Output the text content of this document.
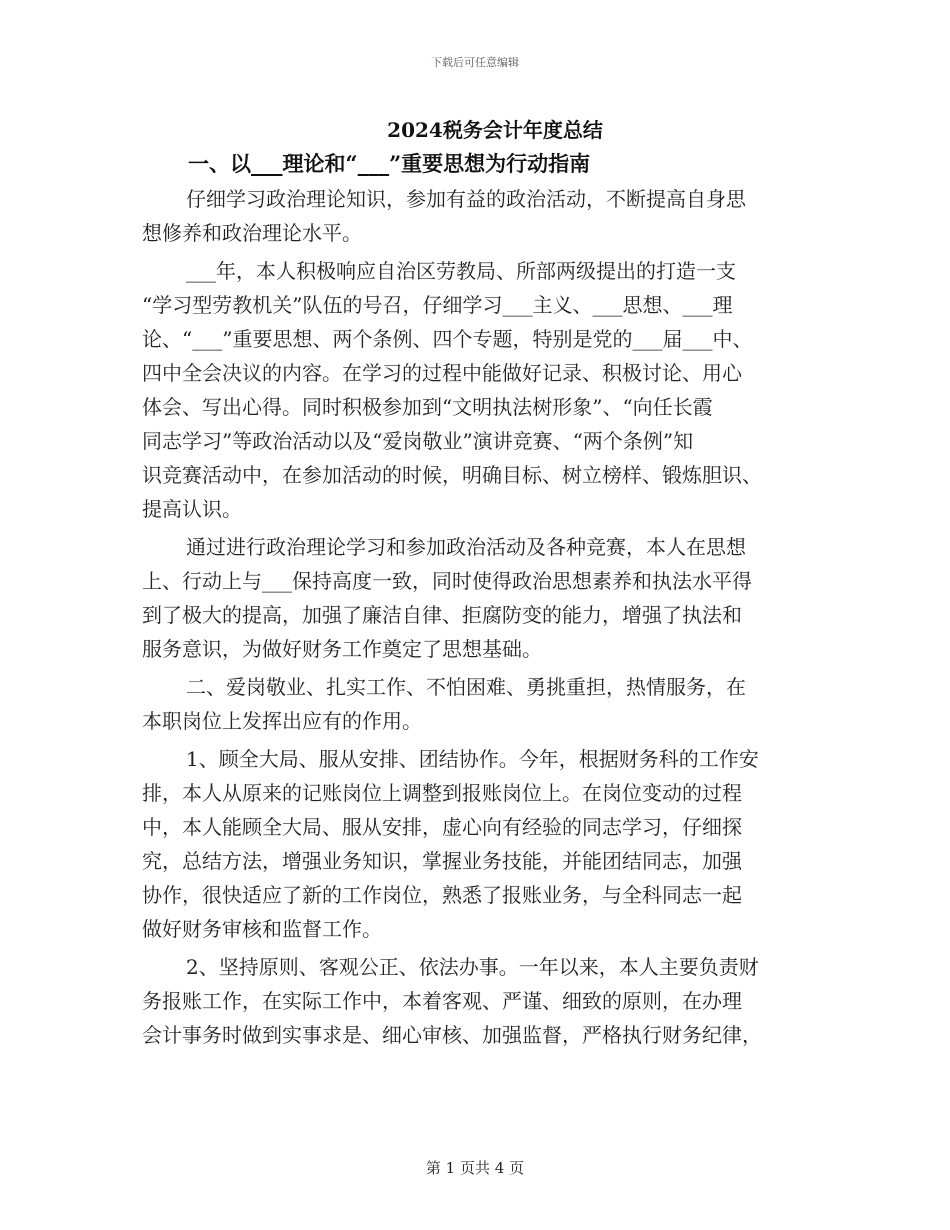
下载后可任意编辑
2024税务会计年度总结
一、以___理论和“___”重要思想为行动指南
仔细学习政治理论知识，参加有益的政治活动，不断提高自身思
想修养和政治理论水平。
___年，本人积极响应自治区劳教局、所部两级提出的打造一支
“学习型劳教机关”队伍的号召，仔细学习___主义、___思想、___理
论、“___”重要思想、两个条例、四个专题，特别是党的___届___中、
四中全会决议的内容。在学习的过程中能做好记录、积极讨论、用心
体会、写出心得。同时积极参加到“文明执法树形象”、“向任长霞
同志学习”等政治活动以及“爱岗敬业”演讲竞赛、“两个条例”知
识竞赛活动中，在参加活动的时候，明确目标、树立榜样、锻炼胆识、
提高认识。
通过进行政治理论学习和参加政治活动及各种竞赛，本人在思想
上、行动上与___保持高度一致，同时使得政治思想素养和执法水平得
到了极大的提高，加强了廉洁自律、拒腐防变的能力，增强了执法和
服务意识，为做好财务工作奠定了思想基础。
二、爱岗敬业、扎实工作、不怕困难、勇挑重担，热情服务，在
本职岗位上发挥出应有的作用。
1、顾全大局、服从安排、团结协作。今年，根据财务科的工作安
排，本人从原来的记账岗位上调整到报账岗位上。在岗位变动的过程
中，本人能顾全大局、服从安排，虚心向有经验的同志学习，仔细探
究，总结方法，增强业务知识，掌握业务技能，并能团结同志，加强
协作，很快适应了新的工作岗位，熟悉了报账业务，与全科同志一起
做好财务审核和监督工作。
2、坚持原则、客观公正、依法办事。一年以来，本人主要负责财
务报账工作，在实际工作中，本着客观、严谨、细致的原则，在办理
会计事务时做到实事求是、细心审核、加强监督，严格执行财务纪律，
第 1 页共 4 页
